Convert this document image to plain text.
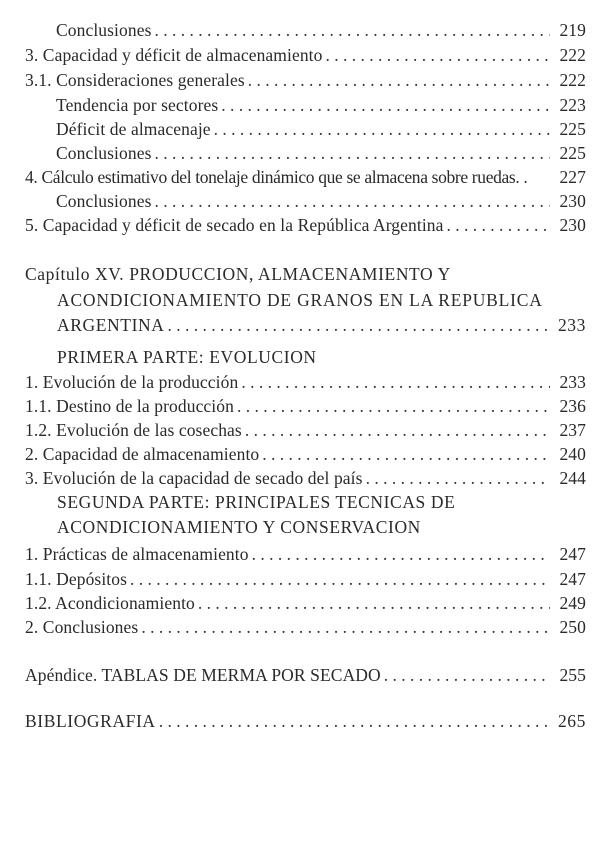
Conclusiones . . .	219
3. Capacidad y déficit de almacenamiento . . .	222
3.1. Consideraciones generales . . .	222
Tendencia por sectores . . .	223
Déficit de almacenaje . . .	225
Conclusiones . . .	225
4. Cálculo estimativo del tonelaje dinámico que se almacena sobre ruedas. . 227
Conclusiones . . .	230
5. Capacidad y déficit de secado en la República Argentina . . .	230
Capítulo XV. PRODUCCION, ALMACENAMIENTO Y
ACONDICIONAMIENTO DE GRANOS EN LA REPUBLICA
ARGENTINA . . .	233
PRIMERA PARTE: EVOLUCION
1. Evolución de la producción . . .	233
1.1. Destino de la producción . . .	236
1.2. Evolución de las cosechas . . .	237
2. Capacidad de almacenamiento . . .	240
3. Evolución de la capacidad de secado del país . . .	244
SEGUNDA PARTE: PRINCIPALES TECNICAS DE
ACONDICIONAMIENTO Y CONSERVACION
1. Prácticas de almacenamiento . . .	247
1.1. Depósitos . . .	247
1.2. Acondicionamiento . . .	249
2. Conclusiones . . .	250
Apéndice. TABLAS DE MERMA POR SECADO . . .	255
BIBLIOGRAFIA . . .	265
